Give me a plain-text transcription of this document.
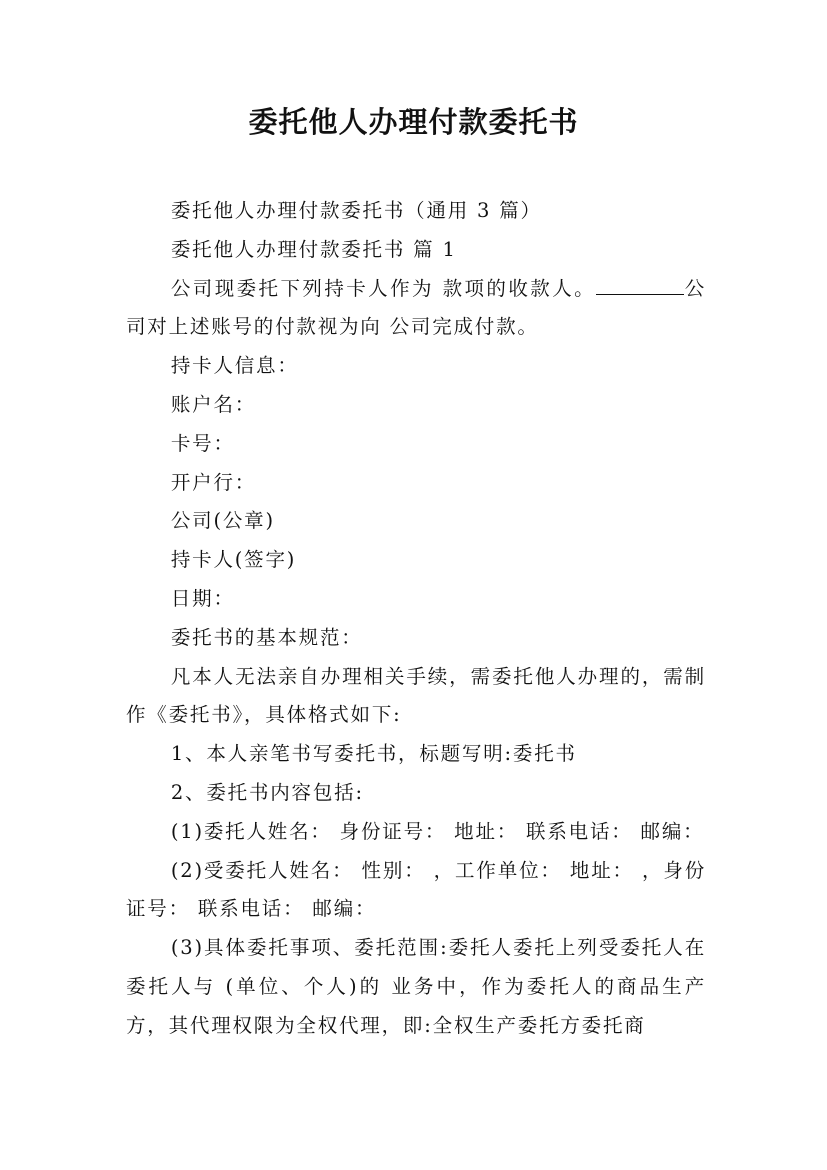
委托他人办理付款委托书

委托他人办理付款委托书（通用 3 篇）

委托他人办理付款委托书 篇 1

公司现委托下列持卡人作为 款项的收款人。	公司对上述账号的付款视为向 公司完成付款。

持卡人信息：

账户名：

卡号：

开户行：

公司(公章)

持卡人(签字)

日期：

委托书的基本规范：

凡本人无法亲自办理相关手续，需委托他人办理的，需制作《委托书》，具体格式如下:

1、本人亲笔书写委托书，标题写明:委托书

2、委托书内容包括:

(1)委托人姓名： 身份证号： 地址： 联系电话： 邮编：

(2)受委托人姓名： 性别： ，工作单位： 地址： ，身份证号： 联系电话： 邮编：

(3)具体委托事项、委托范围:委托人委托上列受委托人在委托人与 (单位、个人)的 业务中，作为委托人的商品生产方，其代理权限为全权代理，即:全权生产委托方委托商
